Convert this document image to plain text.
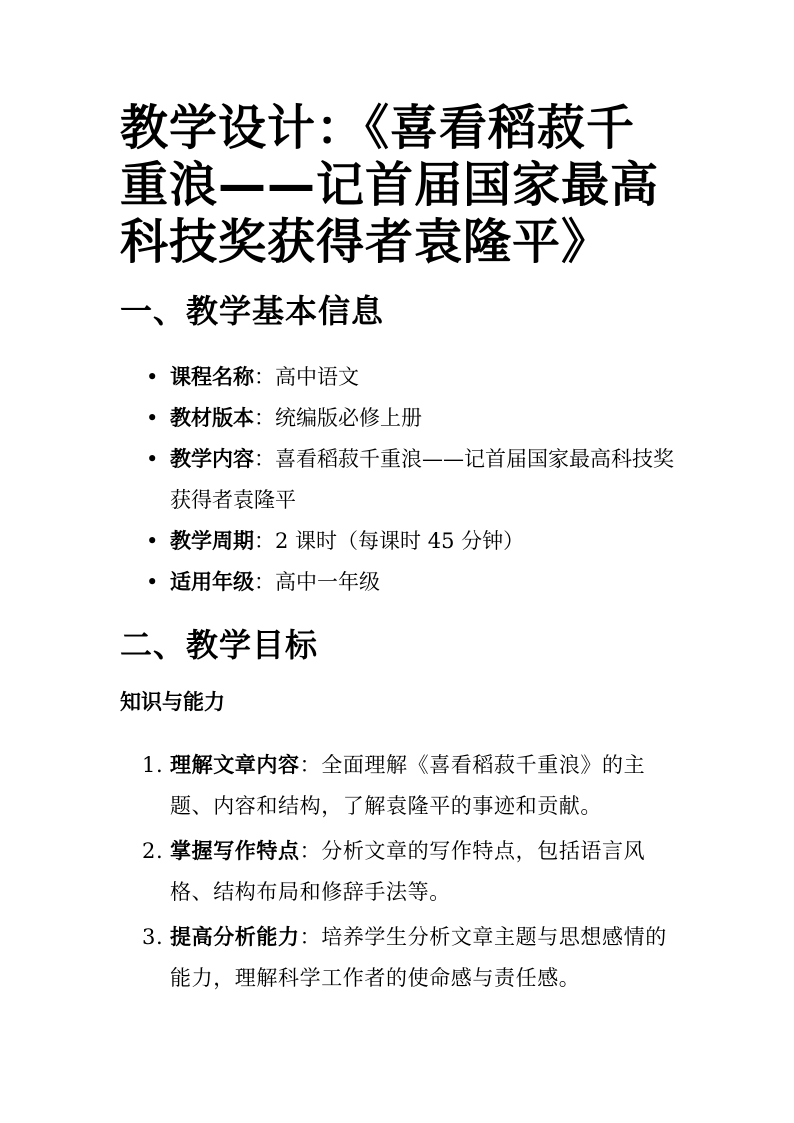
教学设计：《喜看稻菽千重浪——记首届国家最高科技奖获得者袁隆平》
一、教学基本信息
• 课程名称：高中语文
• 教材版本：统编版必修上册
• 教学内容：喜看稻菽千重浪——记首届国家最高科技奖获得者袁隆平
• 教学周期：2 课时（每课时 45 分钟）
• 适用年级：高中一年级
二、教学目标
知识与能力
1. 理解文章内容：全面理解《喜看稻菽千重浪》的主题、内容和结构，了解袁隆平的事迹和贡献。
2. 掌握写作特点：分析文章的写作特点，包括语言风格、结构布局和修辞手法等。
3. 提高分析能力：培养学生分析文章主题与思想感情的能力，理解科学工作者的使命感与责任感。
